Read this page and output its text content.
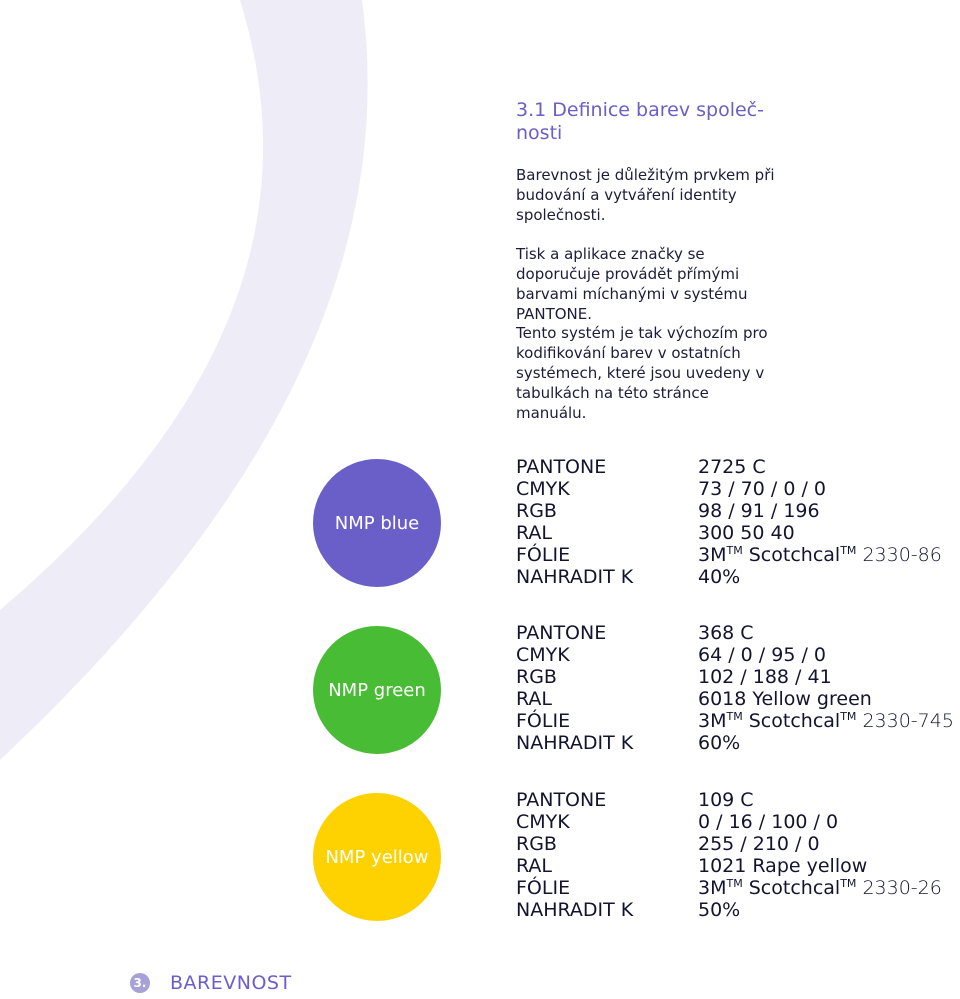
3.1 Definice barev společ-nosti

Barevnost je důležitým prvkem při budování a vytváření identity společnosti.

Tisk a aplikace značky se doporučuje provádět přímými barvami míchanými v systému PANTONE.

Tento systém je tak výchozím pro kodifikování barev v ostatních systémech, které jsou uvedeny v tabulkách na této stránce manuálu.

NMP blue
PANTONE	2725 C
CMYK	73 / 70 / 0 / 0
RGB	98 / 91 / 196
RAL	300 50 40
FÓLIE	3M™ Scotchcal™ 2330-86
NAHRADIT K	40%
NMP green
PANTONE	368 C
CMYK	64 / 0 / 95 / 0
RGB	102 / 188 / 41
RAL	6018 Yellow green
FÓLIE	3M™ Scotchcal™ 2330-745
NAHRADIT K	60%
NMP yellow
PANTONE	109 C
CMYK	0 / 16 / 100 / 0
RGB	255 / 210 / 0
RAL	1021 Rape yellow
FÓLIE	3M™ Scotchcal™ 2330-26
NAHRADIT K	50%
3. BAREVNOST
